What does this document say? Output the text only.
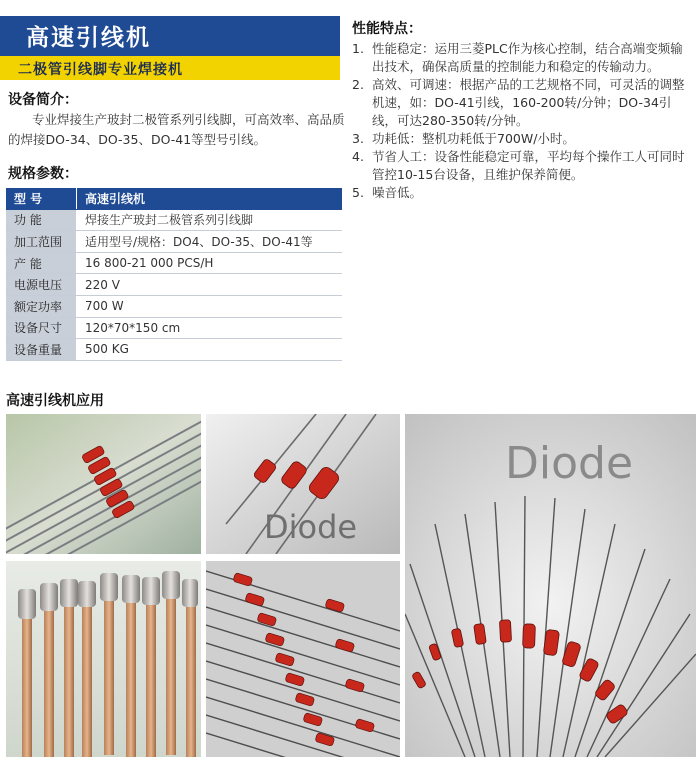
高速引线机
二极管引线脚专业焊接机
设备简介：
专业焊接生产玻封二极管系列引线脚，可高效率、高品质的焊接DO-34、DO-35、DO-41等型号引线。
规格参数：
型 号	高速引线机
功 能	焊接生产玻封二极管系列引线脚
加工范围	适用型号/规格：DO4、DO-35、DO-41等
产 能	16 800-21 000 PCS/H
电源电压	220 V
额定功率	700 W
设备尺寸	120*70*150 cm
设备重量	500 KG
性能特点：
1. 性能稳定：运用三菱PLC作为核心控制，结合高端变频输出技术，确保高质量的控制能力和稳定的传输动力。
2. 高效、可调速：根据产品的工艺规格不同，可灵活的调整机速，如：DO-41引线，160-200转/分钟；DO-34引线，可达280-350转/分钟。
3. 功耗低：整机功耗低于700W/小时。
4. 节省人工：设备性能稳定可靠，平均每个操作工人可同时管控10-15台设备，且维护保养简便。
5. 噪音低。
高速引线机应用
Diode
Diode
